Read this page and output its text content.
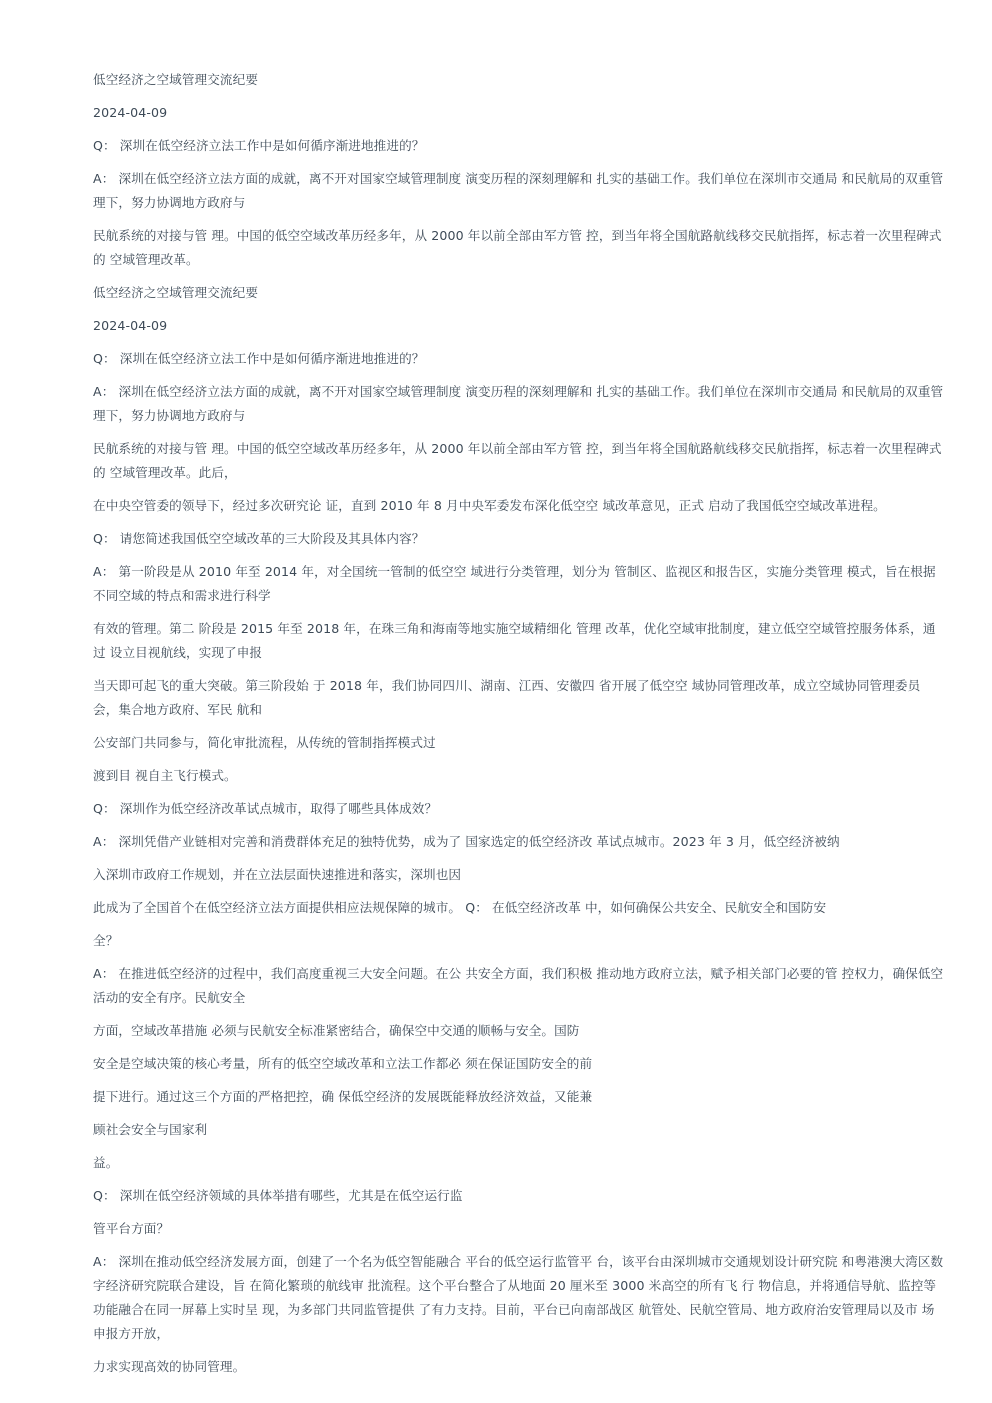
低空经济之空域管理交流纪要

2024-04-09

Q： 深圳在低空经济立法工作中是如何循序渐进地推进的？

A： 深圳在低空经济立法方面的成就，离不开对国家空域管理制度 演变历程的深刻理解和 扎实的基础工作。我们单位在深圳市交通局 和民航局的双重管理下，努力协调地方政府与

民航系统的对接与管 理。中国的低空空域改革历经多年，从 2000 年以前全部由军方管 控，到当年将全国航路航线移交民航指挥，标志着一次里程碑式的 空域管理改革。

低空经济之空域管理交流纪要

2024-04-09

Q： 深圳在低空经济立法工作中是如何循序渐进地推进的？

A： 深圳在低空经济立法方面的成就，离不开对国家空域管理制度 演变历程的深刻理解和 扎实的基础工作。我们单位在深圳市交通局 和民航局的双重管理下，努力协调地方政府与

民航系统的对接与管 理。中国的低空空域改革历经多年，从 2000 年以前全部由军方管 控，到当年将全国航路航线移交民航指挥，标志着一次里程碑式的 空域管理改革。此后，

在中央空管委的领导下，经过多次研究论 证，直到 2010 年 8 月中央军委发布深化低空空 域改革意见，正式 启动了我国低空空域改革进程。

Q： 请您简述我国低空空域改革的三大阶段及其具体内容？

A： 第一阶段是从 2010 年至 2014 年，对全国统一管制的低空空 域进行分类管理，划分为 管制区、监视区和报告区，实施分类管理 模式，旨在根据不同空域的特点和需求进行科学

有效的管理。第二 阶段是 2015 年至 2018 年，在珠三角和海南等地实施空域精细化 管理 改革，优化空域审批制度，建立低空空域管控服务体系，通过 设立目视航线，实现了申报

当天即可起飞的重大突破。第三阶段始 于 2018 年，我们协同四川、湖南、江西、安徽四 省开展了低空空 域协同管理改革，成立空域协同管理委员会，集合地方政府、军民 航和

公安部门共同参与，简化审批流程，从传统的管制指挥模式过

渡到目 视自主飞行模式。

Q： 深圳作为低空经济改革试点城市，取得了哪些具体成效？

A： 深圳凭借产业链相对完善和消费群体充足的独特优势，成为了 国家选定的低空经济改 革试点城市。2023 年 3 月，低空经济被纳

入深圳市政府工作规划，并在立法层面快速推进和落实，深圳也因

此成为了全国首个在低空经济立法方面提供相应法规保障的城市。 Q： 在低空经济改革 中，如何确保公共安全、民航安全和国防安

全？

A： 在推进低空经济的过程中，我们高度重视三大安全问题。在公 共安全方面，我们积极 推动地方政府立法，赋予相关部门必要的管 控权力，确保低空活动的安全有序。民航安全

方面，空域改革措施 必须与民航安全标准紧密结合，确保空中交通的顺畅与安全。国防

安全是空域决策的核心考量，所有的低空空域改革和立法工作都必 须在保证国防安全的前

提下进行。通过这三个方面的严格把控，确 保低空经济的发展既能释放经济效益，又能兼

顾社会安全与国家利

益。

Q： 深圳在低空经济领域的具体举措有哪些，尤其是在低空运行监

管平台方面？

A： 深圳在推动低空经济发展方面，创建了一个名为低空智能融合 平台的低空运行监管平 台，该平台由深圳城市交通规划设计研究院 和粤港澳大湾区数字经济研究院联合建设，旨 在简化繁琐的航线审 批流程。这个平台整合了从地面 20 厘米至 3000 米高空的所有飞 行 物信息，并将通信导航、监控等功能融合在同一屏幕上实时呈 现，为多部门共同监管提供 了有力支持。目前，平台已向南部战区 航管处、民航空管局、地方政府治安管理局以及市 场申报方开放，

力求实现高效的协同管理。
